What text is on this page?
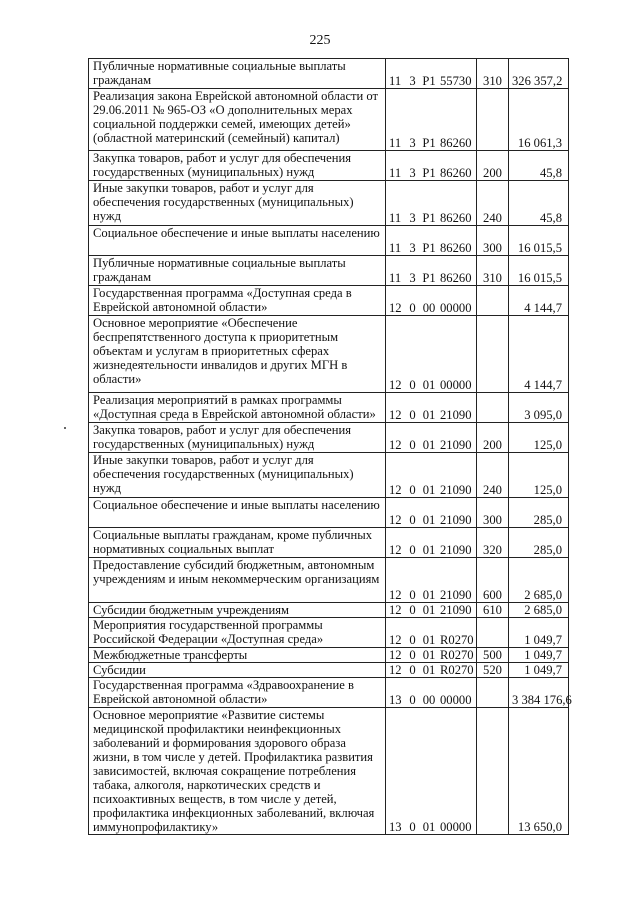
225
Публичные нормативные социальные выплаты гражданам	11 3 Р1 55730	310	326 357,2
Реализация закона Еврейской автономной области от 29.06.2011 № 965-ОЗ «О дополнительных мерах социальной поддержки семей, имеющих детей» (областной материнский (семейный) капитал)	11 3 Р1 86260		16 061,3
Закупка товаров, работ и услуг для обеспечения государственных (муниципальных) нужд	11 3 Р1 86260	200	45,8
Иные закупки товаров, работ и услуг для обеспечения государственных (муниципальных) нужд	11 3 Р1 86260	240	45,8
Социальное обеспечение и иные выплаты населению	11 3 Р1 86260	300	16 015,5
Публичные нормативные социальные выплаты гражданам	11 3 Р1 86260	310	16 015,5
Государственная программа «Доступная среда в Еврейской автономной области»	12 0 00 00000		4 144,7
Основное мероприятие «Обеспечение беспрепятственного доступа к приоритетным объектам и услугам в приоритетных сферах жизнедеятельности инвалидов и других МГН в области»	12 0 01 00000		4 144,7
Реализация мероприятий в рамках программы «Доступная среда в Еврейской автономной области»	12 0 01 21090		3 095,0
Закупка товаров, работ и услуг для обеспечения государственных (муниципальных) нужд	12 0 01 21090	200	125,0
Иные закупки товаров, работ и услуг для обеспечения государственных (муниципальных) нужд	12 0 01 21090	240	125,0
Социальное обеспечение и иные выплаты населению	12 0 01 21090	300	285,0
Социальные выплаты гражданам, кроме публичных нормативных социальных выплат	12 0 01 21090	320	285,0
Предоставление субсидий бюджетным, автономным учреждениям и иным некоммерческим организациям	12 0 01 21090	600	2 685,0
Субсидии бюджетным учреждениям	12 0 01 21090	610	2 685,0
Мероприятия государственной программы Российской Федерации «Доступная среда»	12 0 01 R0270		1 049,7
Межбюджетные трансферты	12 0 01 R0270	500	1 049,7
Субсидии	12 0 01 R0270	520	1 049,7
Государственная программа «Здравоохранение в Еврейской автономной области»	13 0 00 00000		3 384 176,6
Основное мероприятие «Развитие системы медицинской профилактики неинфекционных заболеваний и формирования здорового образа жизни, в том числе у детей. Профилактика развития зависимостей, включая сокращение потребления табака, алкоголя, наркотических средств и психоактивных веществ, в том числе у детей, профилактика инфекционных заболеваний, включая иммунопрофилактику»	13 0 01 00000		13 650,0
